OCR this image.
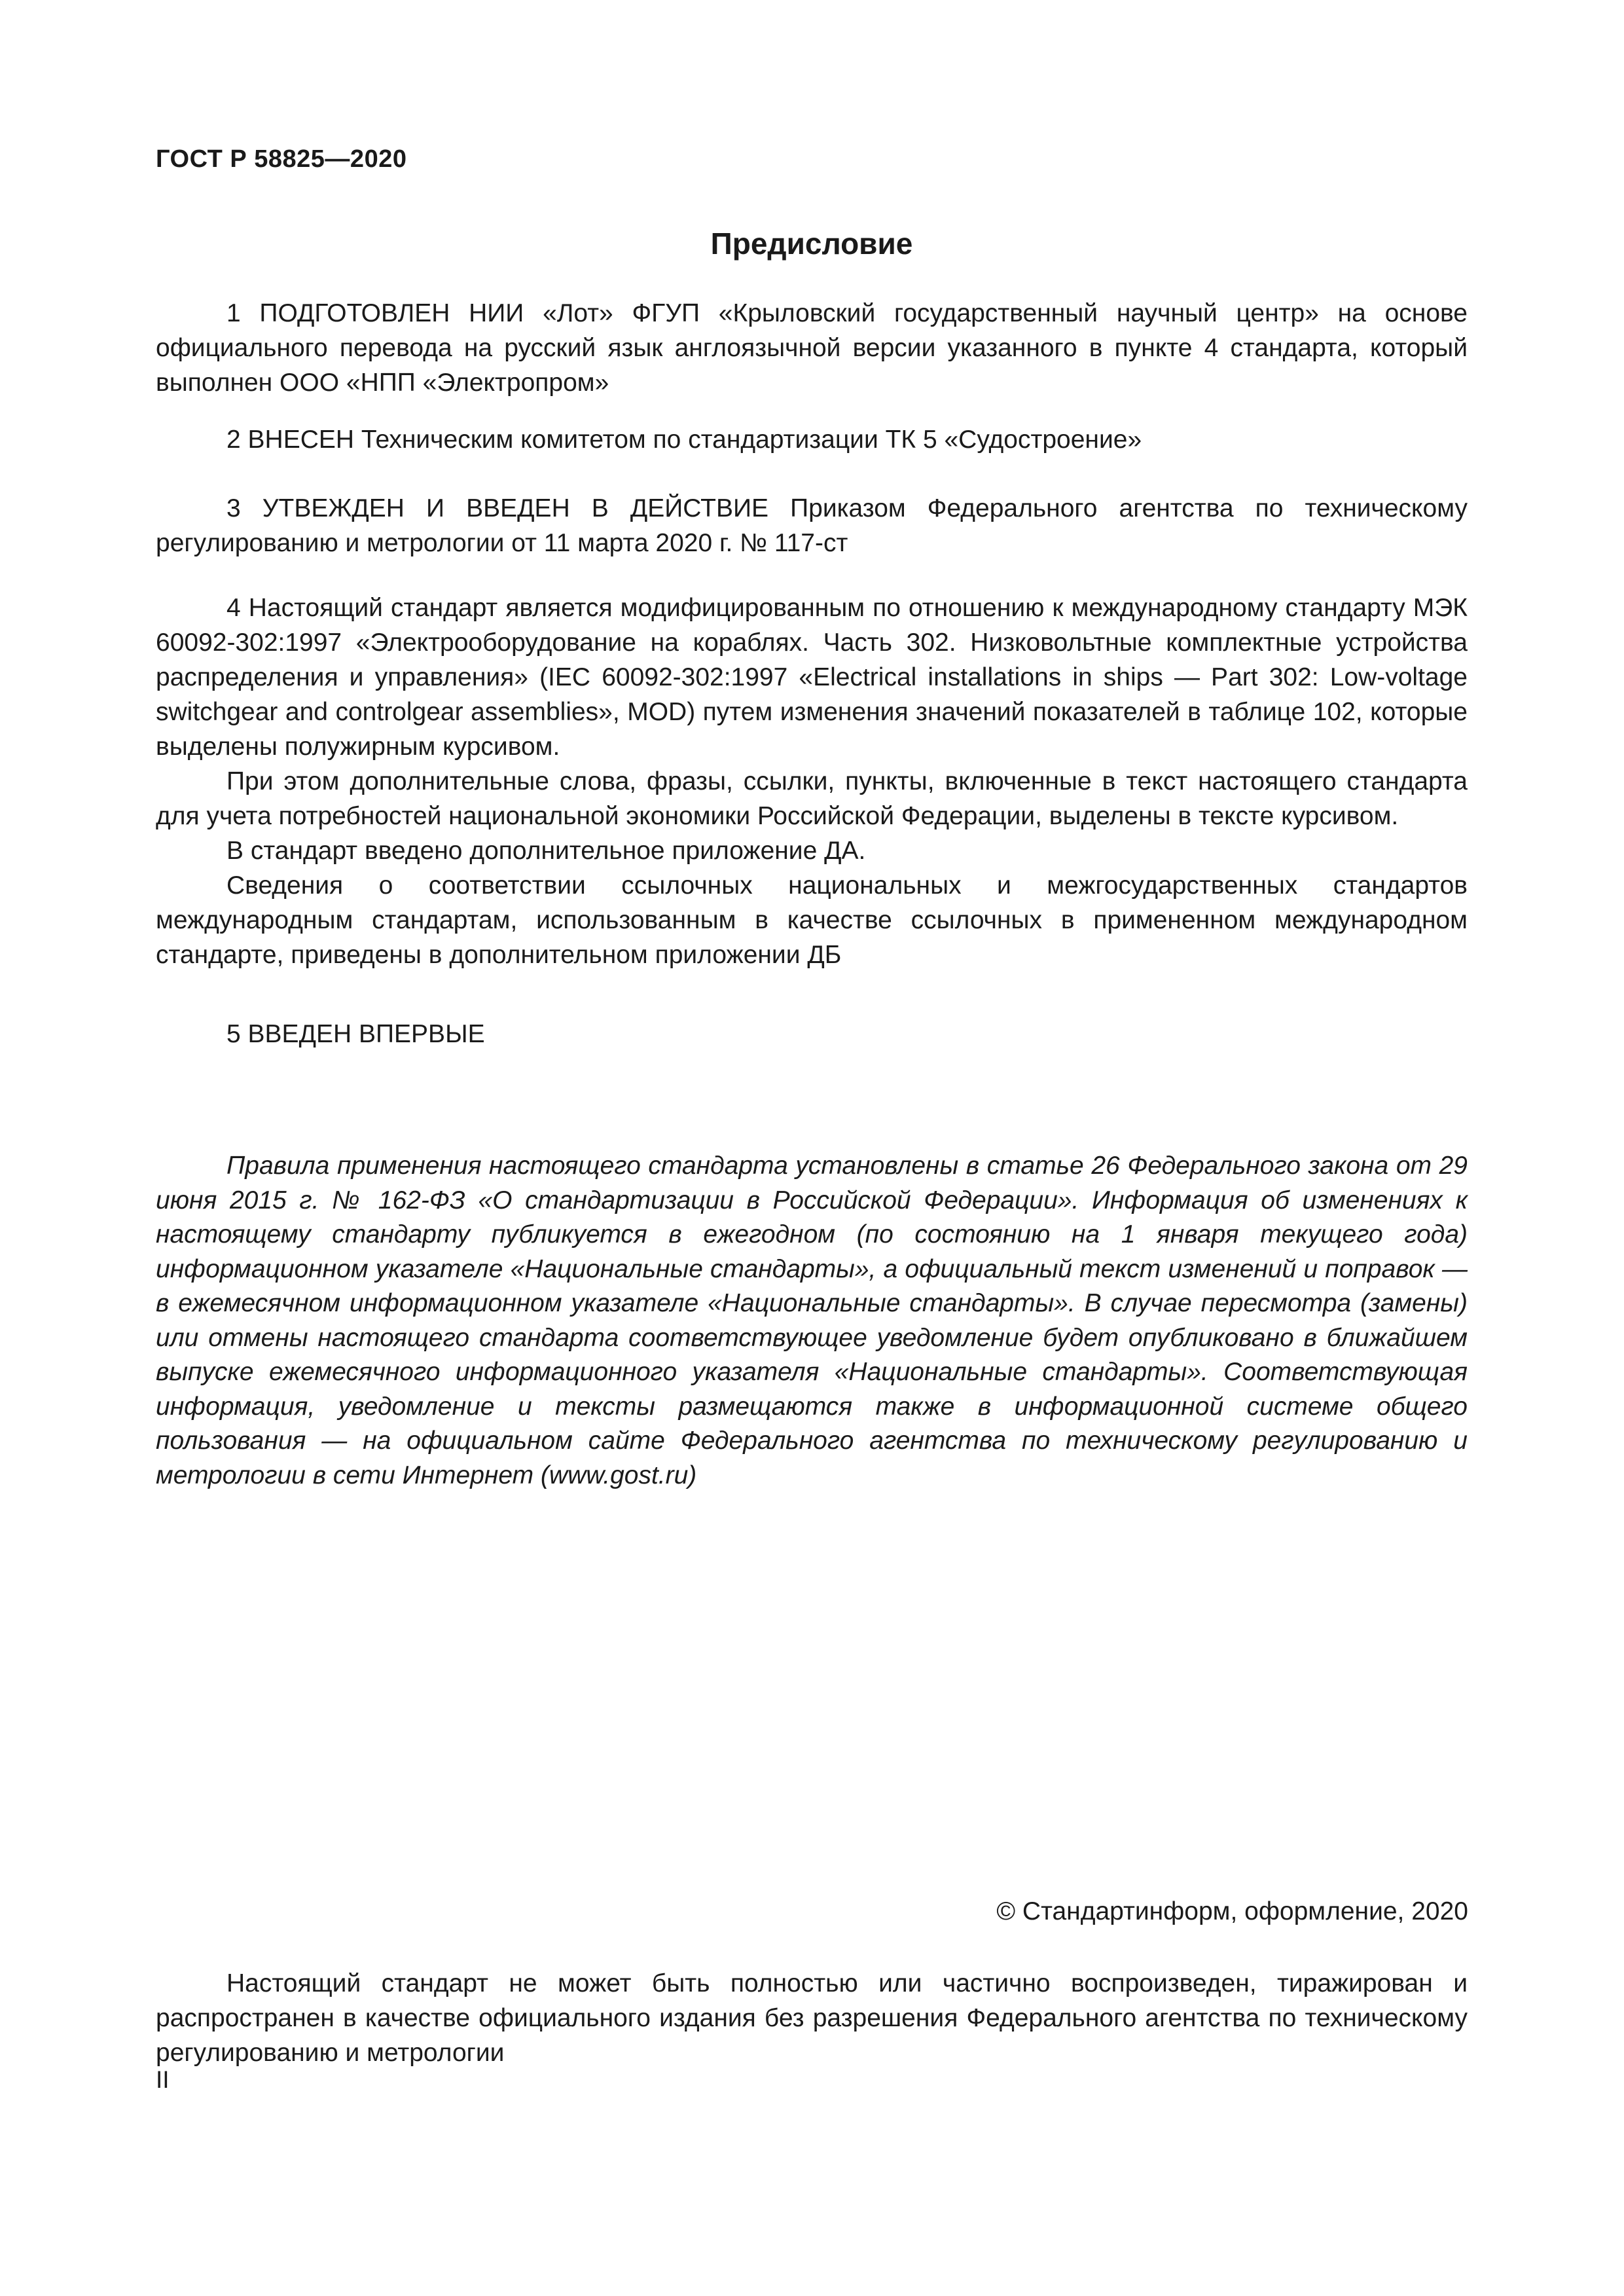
ГОСТ Р 58825—2020
Предисловие

1 ПОДГОТОВЛЕН НИИ «Лот» ФГУП «Крыловский государственный научный центр» на основе официального перевода на русский язык англоязычной версии указанного в пункте 4 стандарта, который выполнен ООО «НПП «Электропром»

2 ВНЕСЕН Техническим комитетом по стандартизации ТК 5 «Судостроение»

3 УТВЕЖДЕН И ВВЕДЕН В ДЕЙСТВИЕ Приказом Федерального агентства по техническому регулированию и метрологии от 11 марта 2020 г. № 117-ст

4 Настоящий стандарт является модифицированным по отношению к международному стандарту МЭК 60092-302:1997 «Электрооборудование на кораблях. Часть 302. Низковольтные комплектные устройства распределения и управления» (IEC 60092-302:1997 «Electrical installations in ships — Part 302: Low-voltage switchgear and controlgear assemblies», MOD) путем изменения значений показателей в таблице 102, которые выделены полужирным курсивом.

При этом дополнительные слова, фразы, ссылки, пункты, включенные в текст настоящего стандарта для учета потребностей национальной экономики Российской Федерации, выделены в тексте курсивом.

В стандарт введено дополнительное приложение ДА.

Сведения о соответствии ссылочных национальных и межгосударственных стандартов международным стандартам, использованным в качестве ссылочных в примененном международном стандарте, приведены в дополнительном приложении ДБ

5 ВВЕДЕН ВПЕРВЫЕ

Правила применения настоящего стандарта установлены в статье 26 Федерального закона от 29 июня 2015 г. № 162-ФЗ «О стандартизации в Российской Федерации». Информация об изменениях к настоящему стандарту публикуется в ежегодном (по состоянию на 1 января текущего года) информационном указателе «Национальные стандарты», а официальный текст изменений и поправок — в ежемесячном информационном указателе «Национальные стандарты». В случае пересмотра (замены) или отмены настоящего стандарта соответствующее уведомление будет опубликовано в ближайшем выпуске ежемесячного информационного указателя «Национальные стандарты». Соответствующая информация, уведомление и тексты размещаются также в информационной системе общего пользования — на официальном сайте Федерального агентства по техническому регулированию и метрологии в сети Интернет (www.gost.ru)

© Стандартинформ, оформление, 2020

Настоящий стандарт не может быть полностью или частично воспроизведен, тиражирован и распространен в качестве официального издания без разрешения Федерального агентства по техническому регулированию и метрологии

II
